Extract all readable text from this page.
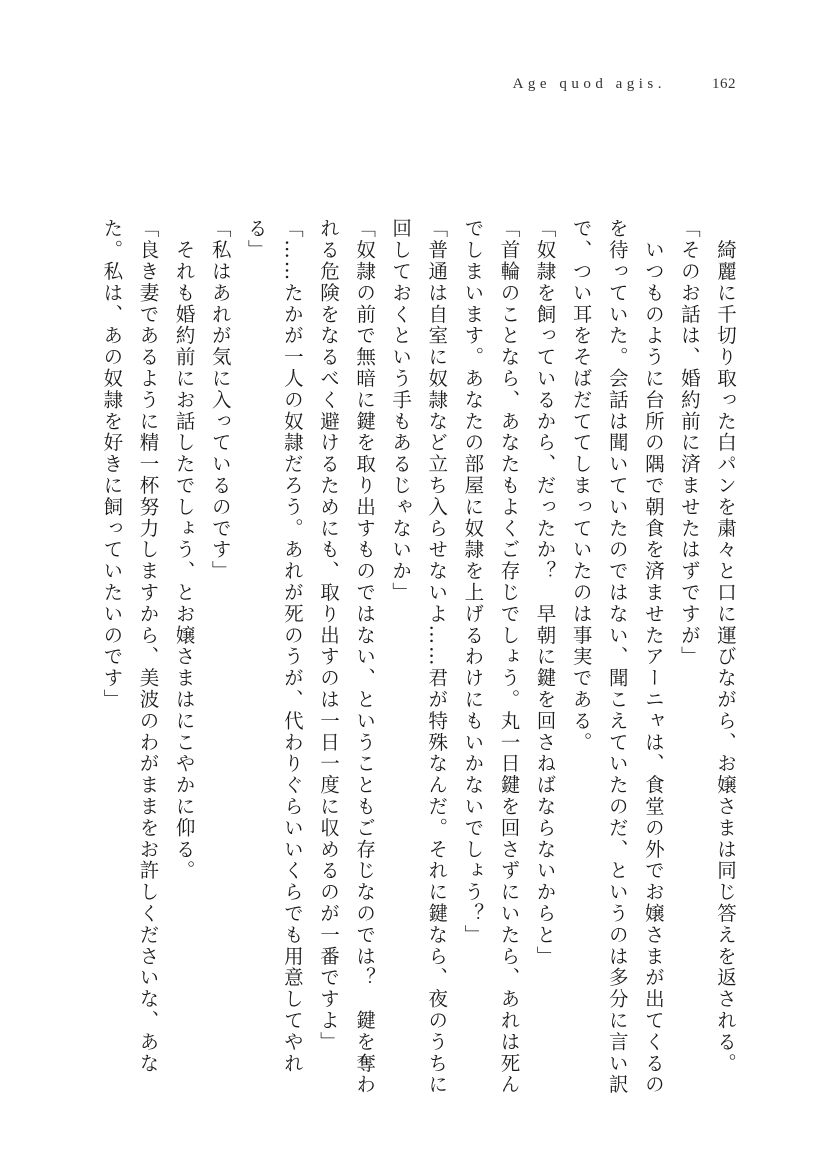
Age quod agis.	162

　綺麗に千切り取った白パンを粛々と口に運びながら、お嬢さまは同じ答えを返される。

「そのお話は、婚約前に済ませたはずですが」

　いつものように台所の隅で朝食を済ませたアーニャは、食堂の外でお嬢さまが出てくるのを待っていた。会話は聞いていたのではない、聞こえていたのだ、というのは多分に言い訳で、つい耳をそばだててしまっていたのは事実である。

「奴隷を飼っているから、だったか？　早朝に鍵を回さねばならないからと」

「首輪のことなら、あなたもよくご存じでしょう。丸一日鍵を回さずにいたら、あれは死んでしまいます。あなたの部屋に奴隷を上げるわけにもいかないでしょう？」

「普通は自室に奴隷など立ち入らせないよ……君が特殊なんだ。それに鍵なら、夜のうちに回しておくという手もあるじゃないか」

「奴隷の前で無暗に鍵を取り出すものではない、ということもご存じなのでは？　鍵を奪われる危険をなるべく避けるためにも、取り出すのは一日一度に収めるのが一番ですよ」

「……たかが一人の奴隷だろう。あれが死のうが、代わりぐらいいくらでも用意してやれる」

「私はあれが気に入っているのです」

　それも婚約前にお話したでしょう、とお嬢さまはにこやかに仰る。

「良き妻であるように精一杯努力しますから、美波のわがままをお許しくださいな、あなた。私は、あの奴隷を好きに飼っていたいのです」
